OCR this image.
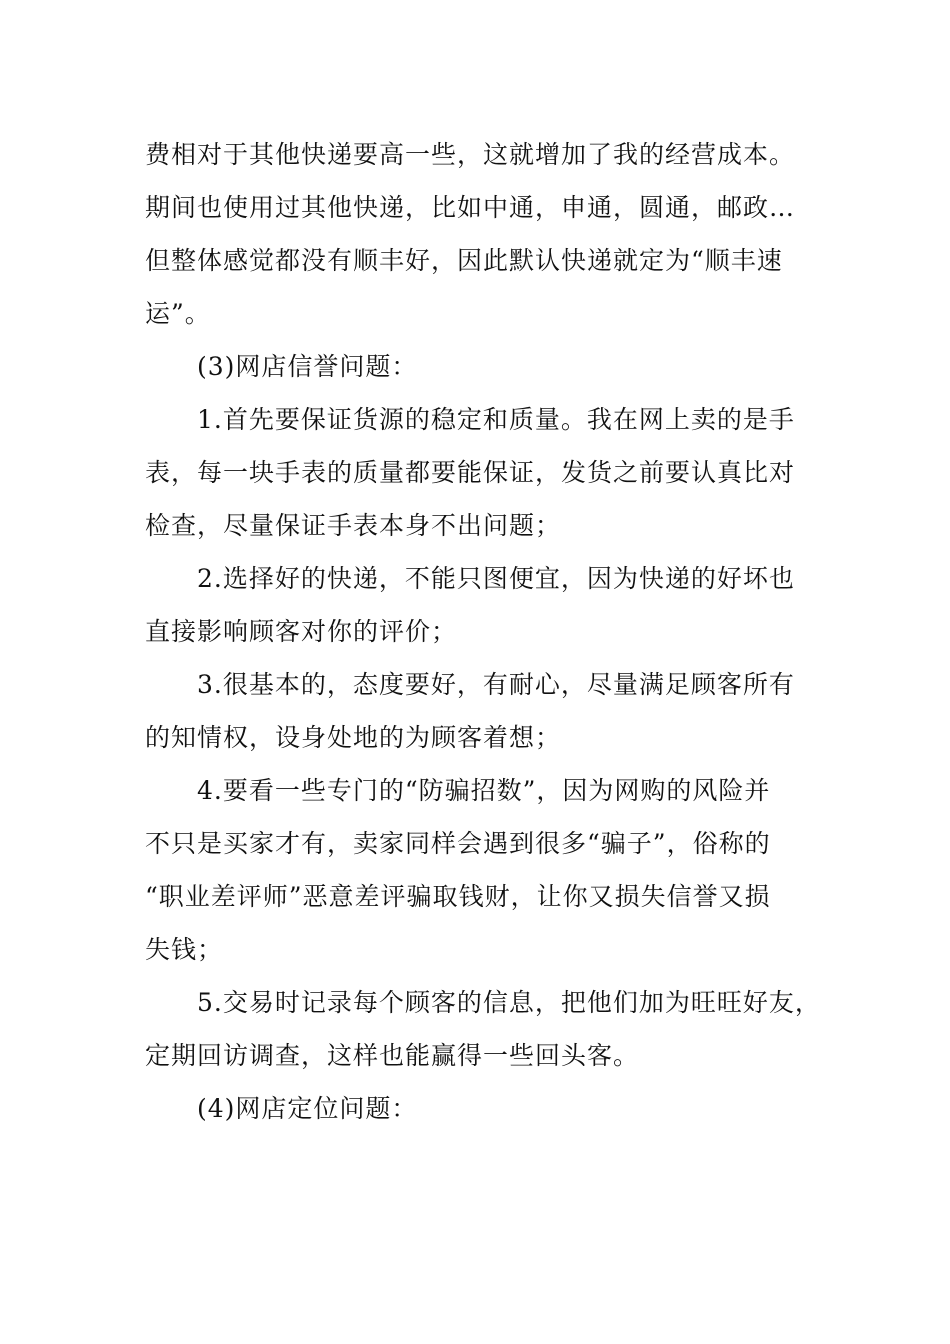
费相对于其他快递要高一些，这就增加了我的经营成本。
期间也使用过其他快递，比如中通，申通，圆通，邮政…
但整体感觉都没有顺丰好，因此默认快递就定为“顺丰速
运”。
(3)网店信誉问题：
1.首先要保证货源的稳定和质量。我在网上卖的是手
表，每一块手表的质量都要能保证，发货之前要认真比对
检查，尽量保证手表本身不出问题；
2.选择好的快递，不能只图便宜，因为快递的好坏也
直接影响顾客对你的评价；
3.很基本的，态度要好，有耐心，尽量满足顾客所有
的知情权，设身处地的为顾客着想；
4.要看一些专门的“防骗招数”，因为网购的风险并
不只是买家才有，卖家同样会遇到很多“骗子”，俗称的
“职业差评师”恶意差评骗取钱财，让你又损失信誉又损
失钱；
5.交易时记录每个顾客的信息，把他们加为旺旺好友，
定期回访调查，这样也能赢得一些回头客。
(4)网店定位问题：
